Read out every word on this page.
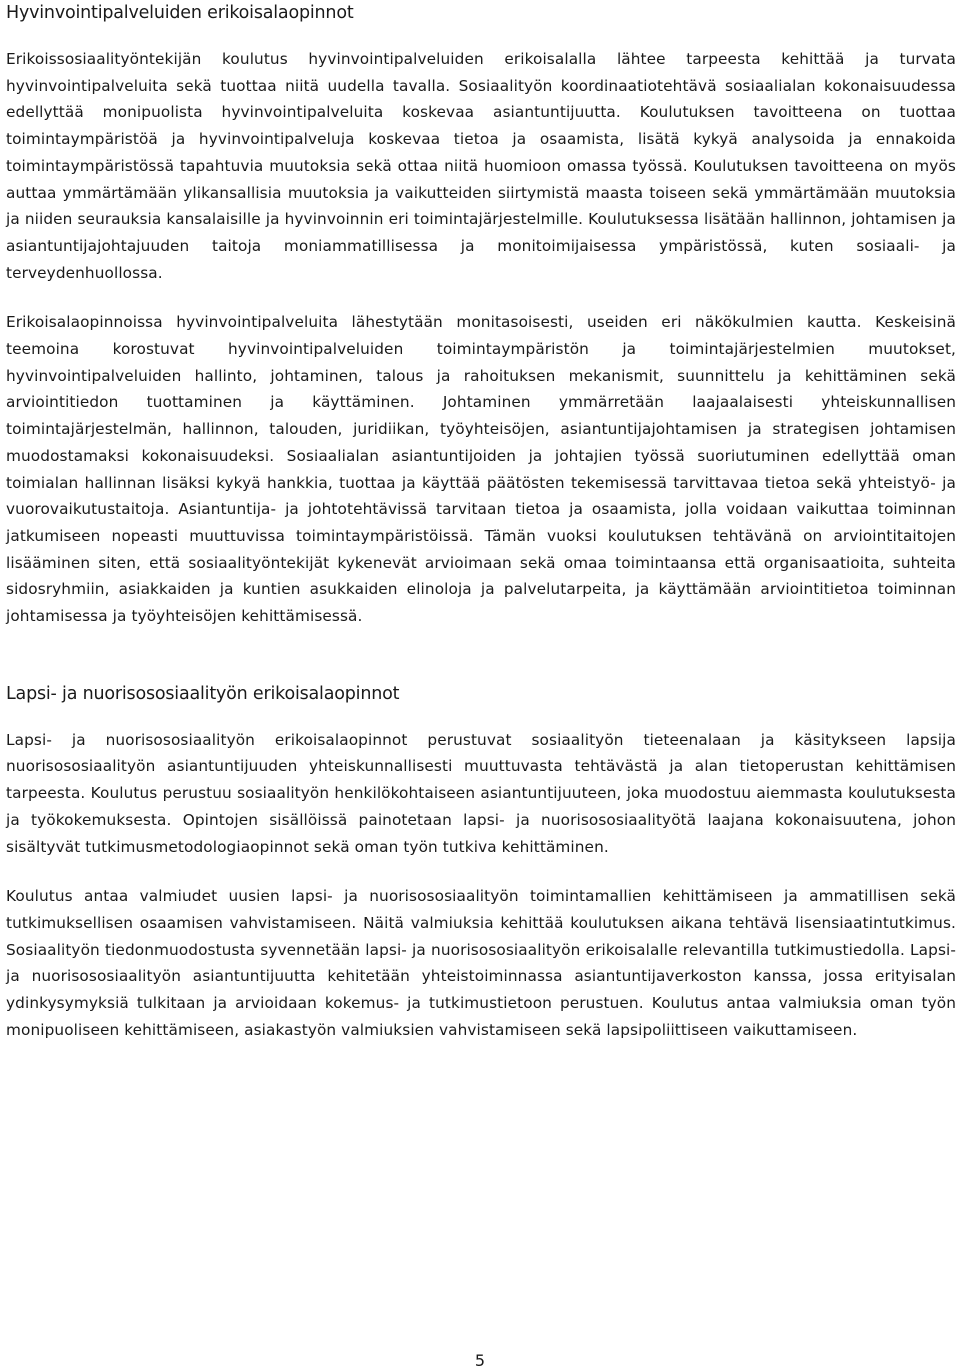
Hyvinvointipalveluiden erikoisalaopinnot

Erikoissosiaalityöntekijän koulutus hyvinvointipalveluiden erikoisalalla lähtee tarpeesta kehittää ja turvata hyvinvointipalveluita sekä tuottaa niitä uudella tavalla. Sosiaalityön koordinaatiotehtävä sosiaalialan kokonaisuudessa edellyttää monipuolista hyvinvointipalveluita koskevaa asiantuntijuutta. Koulutuksen tavoitteena on tuottaa toimintaympäristöä ja hyvinvointipalveluja koskevaa tietoa ja osaamista, lisätä kykyä analysoida ja ennakoida toimintaympäristössä tapahtuvia muutoksia sekä ottaa niitä huomioon omassa työssä. Koulutuksen tavoitteena on myös auttaa ymmärtämään ylikansallisia muutoksia ja vaikutteiden siirtymistä maasta toiseen sekä ymmärtämään muutoksia ja niiden seurauksia kansalaisille ja hyvinvoinnin eri toimintajärjestelmille. Koulutuksessa lisätään hallinnon, johtamisen ja asiantuntijajohtajuuden taitoja moniammatillisessa ja monitoimijaisessa ympäristössä, kuten sosiaali- ja terveydenhuollossa.

Erikoisalaopinnoissa hyvinvointipalveluita lähestytään monitasoisesti, useiden eri näkökulmien kautta. Keskeisinä teemoina korostuvat hyvinvointipalveluiden toimintaympäristön ja toimintajärjestelmien muutokset, hyvinvointipalveluiden hallinto, johtaminen, talous ja rahoituksen mekanismit, suunnittelu ja kehittäminen sekä arviointitiedon tuottaminen ja käyttäminen. Johtaminen ymmärretään laajaalaisesti yhteiskunnallisen toimintajärjestelmän, hallinnon, talouden, juridiikan, työyhteisöjen, asiantuntijajohtamisen ja strategisen johtamisen muodostamaksi kokonaisuudeksi. Sosiaalialan asiantuntijoiden ja johtajien työssä suoriutuminen edellyttää oman toimialan hallinnan lisäksi kykyä hankkia, tuottaa ja käyttää päätösten tekemisessä tarvittavaa tietoa sekä yhteistyö- ja vuorovaikutustaitoja. Asiantuntija- ja johtotehtävissä tarvitaan tietoa ja osaamista, jolla voidaan vaikuttaa toiminnan jatkumiseen nopeasti muuttuvissa toimintaympäristöissä. Tämän vuoksi koulutuksen tehtävänä on arviointitaitojen lisääminen siten, että sosiaalityöntekijät kykenevät arvioimaan sekä omaa toimintaansa että organisaatioita, suhteita sidosryhmiin, asiakkaiden ja kuntien asukkaiden elinoloja ja palvelutarpeita, ja käyttämään arviointitietoa toiminnan johtamisessa ja työyhteisöjen kehittämisessä.

Lapsi- ja nuorisososiaalityön erikoisalaopinnot

Lapsi- ja nuorisososiaalityön erikoisalaopinnot perustuvat sosiaalityön tieteenalaan ja käsitykseen lapsija nuorisososiaalityön asiantuntijuuden yhteiskunnallisesti muuttuvasta tehtävästä ja alan tietoperustan kehittämisen tarpeesta. Koulutus perustuu sosiaalityön henkilökohtaiseen asiantuntijuuteen, joka muodostuu aiemmasta koulutuksesta ja työkokemuksesta. Opintojen sisällöissä painotetaan lapsi- ja nuorisososiaalityötä laajana kokonaisuutena, johon sisältyvät tutkimusmetodologiaopinnot sekä oman työn tutkiva kehittäminen.

Koulutus antaa valmiudet uusien lapsi- ja nuorisososiaalityön toimintamallien kehittämiseen ja ammatillisen sekä tutkimuksellisen osaamisen vahvistamiseen. Näitä valmiuksia kehittää koulutuksen aikana tehtävä lisensiaatintutkimus. Sosiaalityön tiedonmuodostusta syvennetään lapsi- ja nuorisososiaalityön erikoisalalle relevantilla tutkimustiedolla. Lapsi- ja nuorisososiaalityön asiantuntijuutta kehitetään yhteistoiminnassa asiantuntijaverkoston kanssa, jossa erityisalan ydinkysymyksiä tulkitaan ja arvioidaan kokemus- ja tutkimustietoon perustuen. Koulutus antaa valmiuksia oman työn monipuoliseen kehittämiseen, asiakastyön valmiuksien vahvistamiseen sekä lapsipoliittiseen vaikuttamiseen.

5
